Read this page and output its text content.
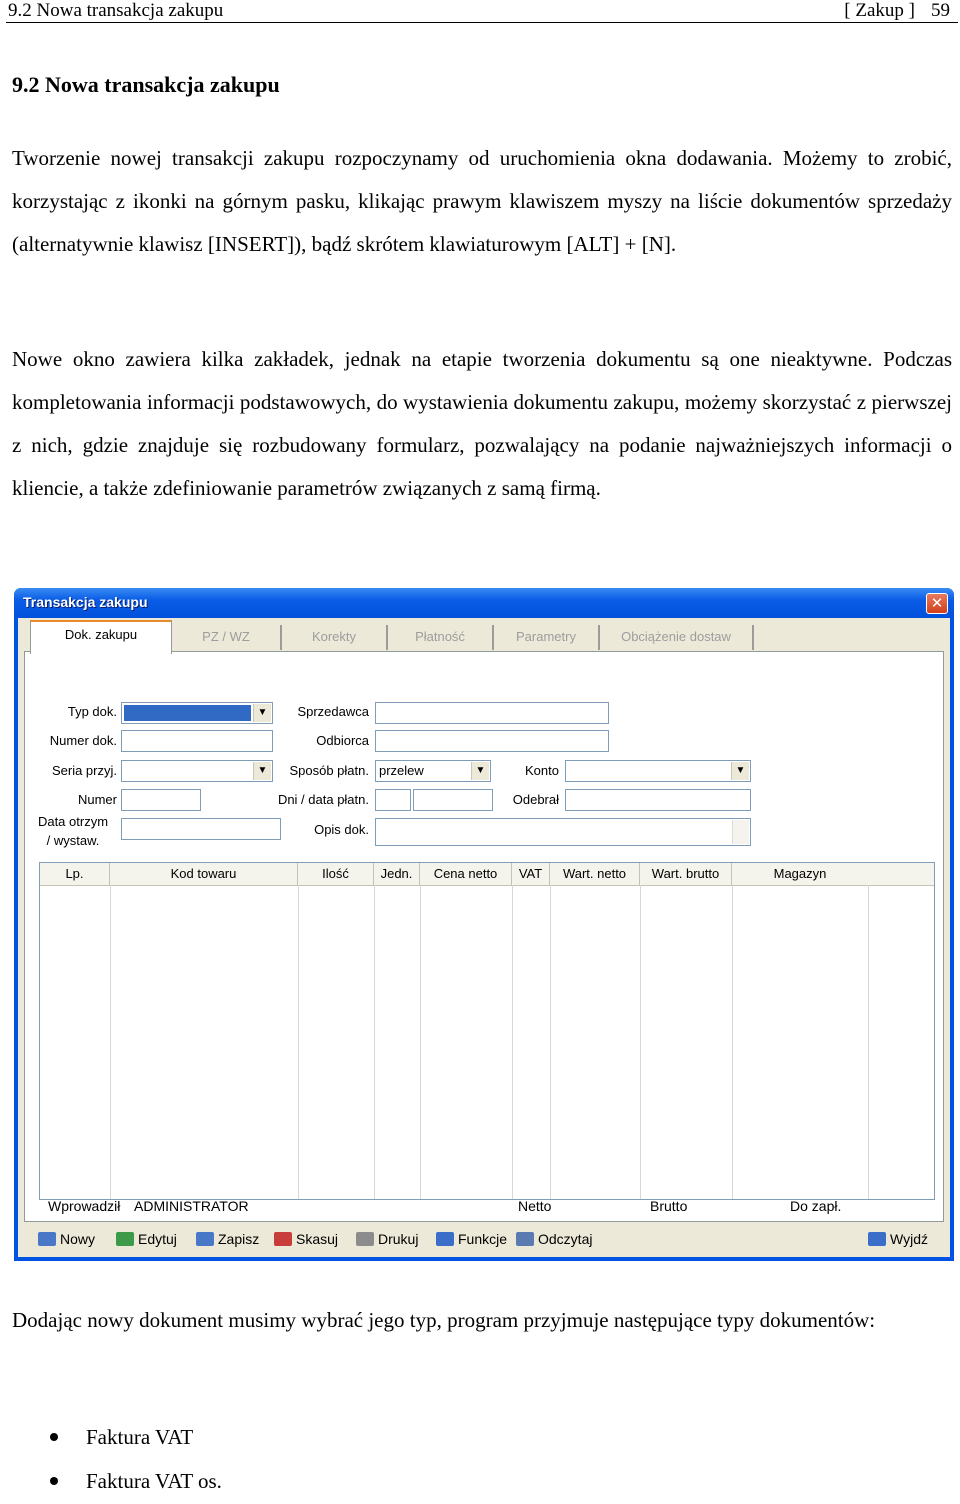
9.2 Nowa transakcja zakupu	[ Zakup ] 59
9.2 Nowa transakcja zakupu

Tworzenie nowej transakcji zakupu rozpoczynamy od uruchomienia okna dodawania. Możemy to zrobić, korzystając z ikonki na górnym pasku, klikając prawym klawiszem myszy na liście dokumentów sprzedaży (alternatywnie klawisz [INSERT]), bądź skrótem klawiaturowym [ALT] + [N].

Nowe okno zawiera kilka zakładek, jednak na etapie tworzenia dokumentu są one nieaktywne. Podczas kompletowania informacji podstawowych, do wystawienia dokumentu zakupu, możemy skorzystać z pierwszej z nich, gdzie znajduje się rozbudowany formularz, pozwalający na podanie najważniejszych informacji o kliencie, a także zdefiniowanie parametrów związanych z samą firmą.

Transakcja zakupu	✕
Dok. zakupu	PZ / WZ	Korekty	Płatność	Parametry	Obciążenie dostaw
Typ dok.	▼
Numer dok.
Seria przyj.	▼
Numer
Data otrzym
/ wystaw.
Sprzedawca
Odbiorca
Sposób płatn. przelew	▼
Dni / data płatn.
Opis dok.
Konto	▼
Odebrał
Lp.	Kod towaru	Ilość	Jedn.	Cena netto	VAT	Wart. netto	Wart. brutto	Magazyn
Wprowadził ADMINISTRATOR	Netto	Brutto	Do zapł.
Nowy	Edytuj	Zapisz	Skasuj	Drukuj	Funkcje	Odczytaj	Wyjdź

Dodając nowy dokument musimy wybrać jego typ, program przyjmuje następujące typy dokumentów:

Faktura VAT
Faktura VAT os.
